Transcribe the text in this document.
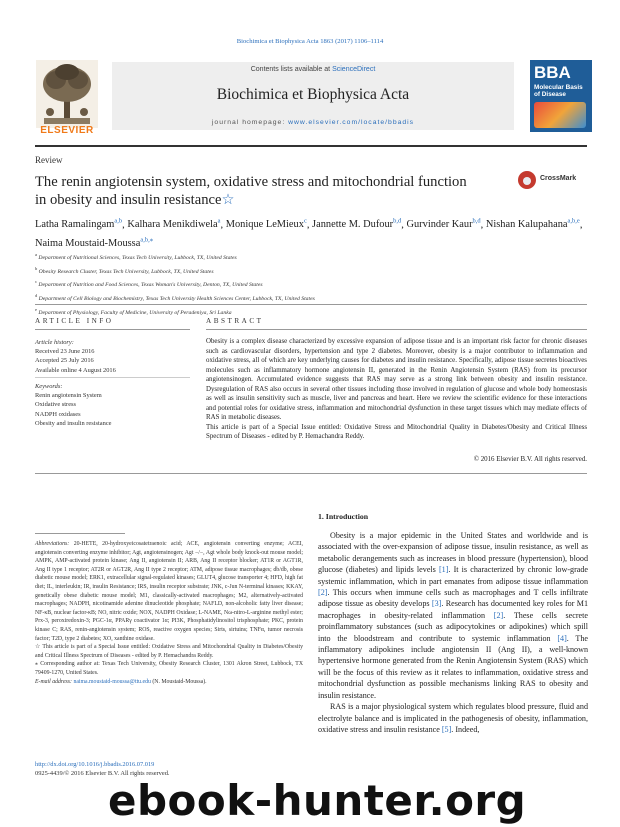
Biochimica et Biophysica Acta 1863 (2017) 1106–1114
ELSEVIER
Contents lists available at ScienceDirect
Biochimica et Biophysica Acta
journal homepage: www.elsevier.com/locate/bbadis
BBA
Molecular Basis of Disease
Review
The renin angiotensin system, oxidative stress and mitochondrial function in obesity and insulin resistance☆
CrossMark
Latha Ramalingam$^{a,b}$, Kalhara Menikdiwela$^a$, Monique LeMieux$^c$, Jannette M. Dufour$^{b,d}$, Gurvinder Kaur$^{b,d}$, Nishan Kalupahana$^{a,b,e}$, Naima Moustaid-Moussa$^{a,b,⁎}$
$^a$ Department of Nutritional Sciences, Texas Tech University, Lubbock, TX, United States
$^b$ Obesity Research Cluster, Texas Tech University, Lubbock, TX, United States
$^c$ Department of Nutrition and Food Sciences, Texas Woman's University, Denton, TX, United States
$^d$ Department of Cell Biology and Biochemistry, Texas Tech University Health Sciences Center, Lubbock, TX, United States
$^e$ Department of Physiology, Faculty of Medicine, University of Peradeniya, Sri Lanka
ARTICLE INFO	ABSTRACT
Article history:
Received 23 June 2016
Accepted 25 July 2016
Available online 4 August 2016
Keywords:
Renin angiotensin System
Oxidative stress
NADPH oxidases
Obesity and insulin resistance
Obesity is a complex disease characterized by excessive expansion of adipose tissue and is an important risk factor for chronic diseases such as cardiovascular disorders, hypertension and type 2 diabetes. Moreover, obesity is a major contributor to inflammation and oxidative stress, all of which are key underlying causes for diabetes and insulin resistance. Specifically, adipose tissue secretes bioactives molecules such as inflammatory hormone angiotensin II, generated in the Renin Angiotensin System (RAS) from its precursor angiotensinogen. Accumulated evidence suggests that RAS may serve as a strong link between obesity and insulin resistance. Dysregulation of RAS also occurs in several other tissues including those involved in regulation of glucose and whole body homeostasis as well as insulin sensitivity such as muscle, liver and pancreas and heart. Here we review the scientific evidence for these interactions and potential roles for oxidative stress, inflammation and mitochondrial dysfunction in these target tissues which may mediate effects of RAS in metabolic diseases.
This article is part of a Special Issue entitled: Oxidative Stress and Mitochondrial Quality in Diabetes/Obesity and Critical Illness Spectrum of Diseases - edited by P. Hemachandra Reddy.
© 2016 Elsevier B.V. All rights reserved.
Abbreviations: 20-HETE, 20-hydroxyeicosatetraenoic acid; ACE, angiotensin converting enzyme; ACEI, angiotensin converting enzyme inhibitor; Agt, angiotensinogen; Agt −/−, Agt whole body knock-out mouse model; AMPK, AMP-activated protein kinase; Ang II, angiotensin II; ARB, Ang II receptor blocker; AT1R or AGT1R, Ang II type 1 receptor; AT2R or AGT2R, Ang II type 2 receptor; ATM, adipose tissue macrophages; db/db, obese diabetic mouse model; ERK1, extracellular signal-regulated kinases; GLUT4, glucose transporter 4; HFD, high fat diet; IL, interleukin; IR, insulin Resistance; IRS, insulin receptor substrate; JNK, c-Jun N-terminal kinases; KKAY, genetically obese diabetic mouse model; M1, classically-activated macrophages; M2, alternatively-activated macrophages; NADPH, nicotinamide adenine dinucleotide phosphate; NAFLD, non-alcoholic fatty liver disease; NF-κB, nuclear factor-κB; NO, nitric oxide; NOX, NADPH Oxidase; L-NAME, Nω-nitro-L-arginine methyl ester; Prx-3, peroxiredoxin-3; PGC-1α, PPARγ coactivator 1α; PI3K, Phosphatidylinositol trisphosphate; PKC, protein kinase C; RAS, renin-angiotensin system; ROS, reactive oxygen species; Sirts, sirtuins; TNFα, tumor necrosis factor; T2D, type 2 diabetes; XO, xanthine oxidase.
☆ This article is part of a Special Issue entitled: Oxidative Stress and Mitochondrial Quality in Diabetes/Obesity and Critical Illness Spectrum of Diseases - edited by P. Hemachandra Reddy.
⁎ Corresponding author at: Texas Tech University, Obesity Research Cluster, 1301 Akron Street, Lubbock, TX 79409-1270, United States.
E-mail address: naima.moustaid-moussa@ttu.edu (N. Moustaid-Moussa).
http://dx.doi.org/10.1016/j.bbadis.2016.07.019
0925-4439/© 2016 Elsevier B.V. All rights reserved.
1. Introduction

Obesity is a major epidemic in the United States and worldwide and is associated with the over-expansion of adipose tissue, insulin resistance, as well as metabolic derangements such as increases in blood pressure (hypertension), blood glucose (diabetes) and lipids levels [1]. It is characterized by chronic low-grade systemic inflammation, which in part emanates from adipose tissue inflammation [2]. This occurs when immune cells such as macrophages and T cells infiltrate adipose tissue as obesity develops [3]. Research has documented key roles for M1 macrophages in obesity-related inflammation [2]. These cells secrete proinflammatory substances (such as adipocytokines or adipokines) which spill into the bloodstream and contribute to systemic inflammation [4]. The inflammatory adipokines include angiotensin II (Ang II), a well-known hypertensive hormone generated from the Renin Angiotensin System (RAS) which will be the focus of this review as it relates to inflammation, oxidative stress and mitochondrial dysfunction as possible mechanisms linking RAS to obesity and insulin resistance.

RAS is a major physiological system which regulates blood pressure, fluid and electrolyte balance and is implicated in the pathogenesis of obesity, inflammation, oxidative stress and insulin resistance [5]. Indeed,

ebook-hunter.org
